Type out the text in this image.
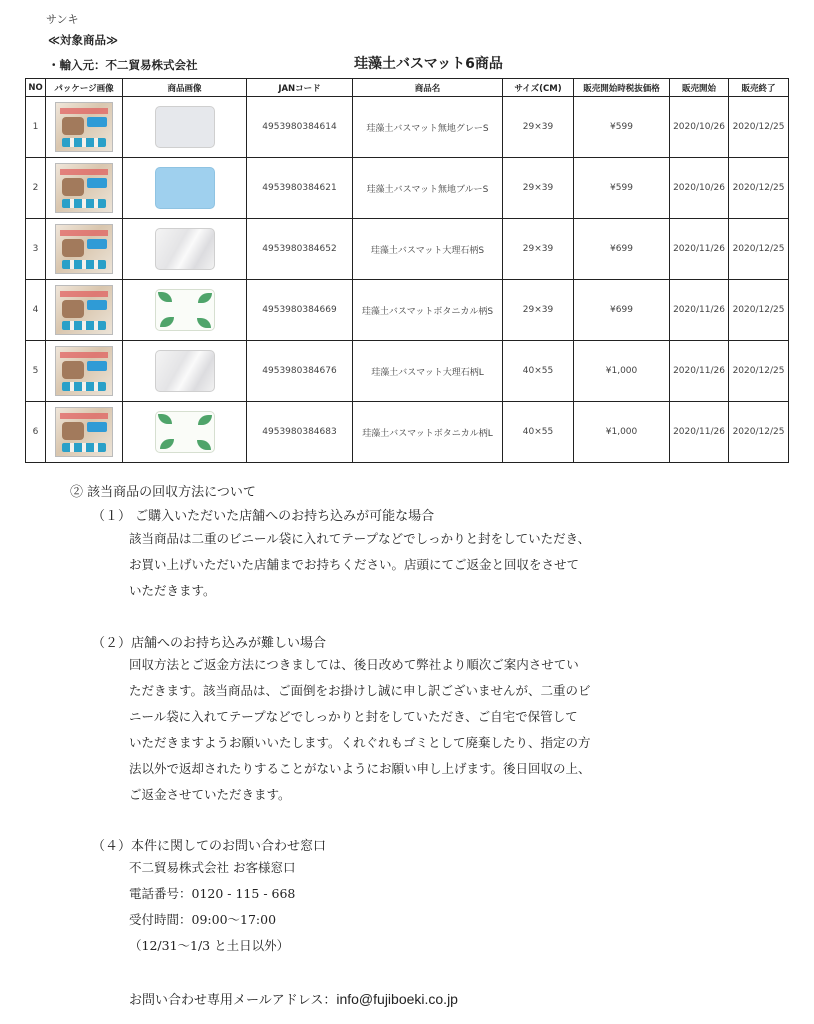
サンキ
≪対象商品≫
・輸入元：不二貿易株式会社	珪藻土バスマット6商品
NO	パッケージ画像	商品画像	JANコード	商品名	サイズ(CM)	販売開始時税抜価格	販売開始	販売終了
1			4953980384614	珪藻土バスマット無地グレーS	29×39	¥599	2020/10/26	2020/12/25
2			4953980384621	珪藻土バスマット無地ブルーS	29×39	¥599	2020/10/26	2020/12/25
3			4953980384652	珪藻土バスマット大理石柄S	29×39	¥699	2020/11/26	2020/12/25
4			4953980384669	珪藻土バスマットボタニカル柄S	29×39	¥699	2020/11/26	2020/12/25
5			4953980384676	珪藻土バスマット大理石柄L	40×55	¥1,000	2020/11/26	2020/12/25
6			4953980384683	珪藻土バスマットボタニカル柄L	40×55	¥1,000	2020/11/26	2020/12/25
② 該当商品の回収方法について
（１） ご購入いただいた店舗へのお持ち込みが可能な場合
該当商品は二重のビニール袋に入れてテープなどでしっかりと封をしていただき、
お買い上げいただいた店舗までお持ちください。店頭にてご返金と回収をさせて
いただきます。
（２）店舗へのお持ち込みが難しい場合
回収方法とご返金方法につきましては、後日改めて弊社より順次ご案内させてい
ただきます。該当商品は、ご面倒をお掛けし誠に申し訳ございませんが、二重のビ
ニール袋に入れてテープなどでしっかりと封をしていただき、ご自宅で保管して
いただきますようお願いいたします。くれぐれもゴミとして廃棄したり、指定の方
法以外で返却されたりすることがないようにお願い申し上げます。後日回収の上、
ご返金させていただきます。
（４）本件に関してのお問い合わせ窓口
不二貿易株式会社 お客様窓口
電話番号：0120 - 115 - 668
受付時間：09:00〜17:00
（12/31〜1/3 と土日以外）
お問い合わせ専用メールアドレス：info@fujiboeki.co.jp
